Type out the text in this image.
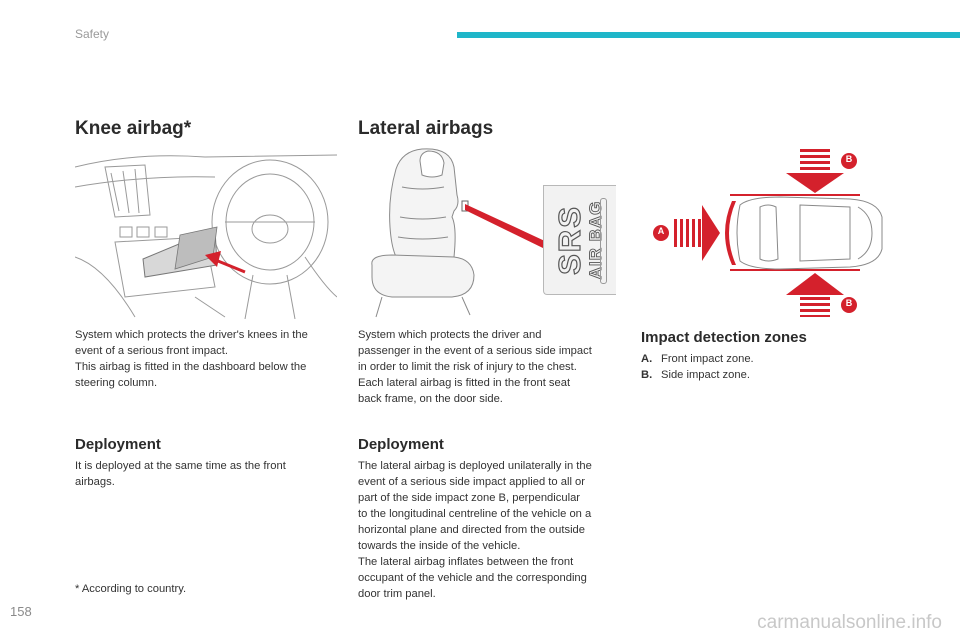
Safety
Knee airbag*
System which protects the driver's knees in the
event of a serious front impact.
This airbag is fitted in the dashboard below the
steering column.
Deployment
It is deployed at the same time as the front
airbags.
* According to country.
Lateral airbags
SRS AIR BAG
System which protects the driver and
passenger in the event of a serious side impact
in order to limit the risk of injury to the chest.
Each lateral airbag is fitted in the front seat
back frame, on the door side.
Deployment
The lateral airbag is deployed unilaterally in the
event of a serious side impact applied to all or
part of the side impact zone B, perpendicular
to the longitudinal centreline of the vehicle on a
horizontal plane and directed from the outside
towards the inside of the vehicle.
The lateral airbag inflates between the front
occupant of the vehicle and the corresponding
door trim panel.
B
B
A
Impact detection zones
A. Front impact zone.
B. Side impact zone.
158
carmanualsonline.info
